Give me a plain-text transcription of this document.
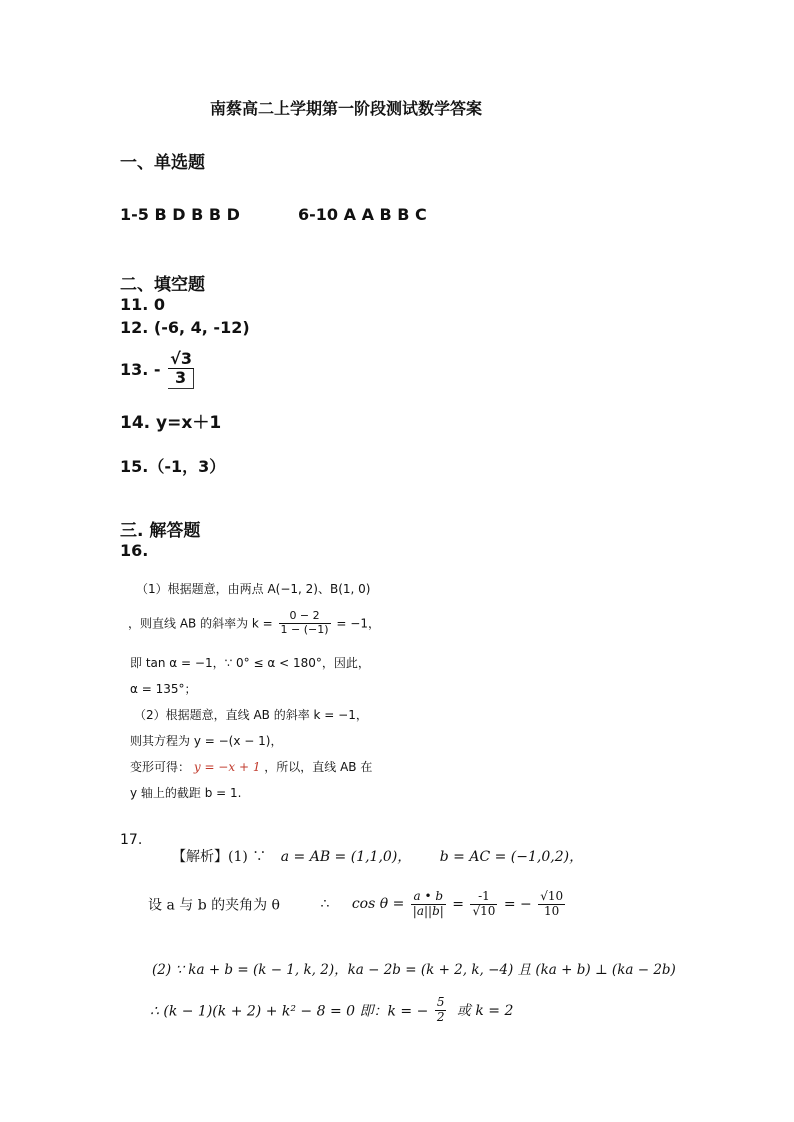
南蔡高二上学期第一阶段测试数学答案
一、单选题
1-5 B D B B D	6-10 A A B B C
二、填空题
11. 0
12. (-6, 4, -12)
13. - $\frac{√3}{3}$
14. y=x＋1
15.（-1，3）
三. 解答题
16.
（1）根据题意，由两点 A(−1, 2)、B(1, 0)
，则直线 AB 的斜率为 $k = \frac{0 - 2}{1 - (-1)} = -1$，
即 tan α = −1，∵ 0° ≤ α < 180°，因此，
α = 135°；
（2）根据题意，直线 AB 的斜率 k = −1，
则其方程为 y = −(x − 1)，
变形可得： y = −x + 1 ，所以，直线 AB 在
y 轴上的截距 b = 1.
17.
【解析】(1) ∵ a = AB = (1,1,0)， b = AC = (−1,0,2)，
设 a 与 b 的夹角为 θ	∴ $\cos \theta = \frac{a • b}{|a||b|} = \frac{-1}{√10}$ = − $\frac{√10}{10}$
(2) ∵ ka + b = (k − 1, k, 2)，ka − 2b = (k + 2, k, −4) 且 (ka + b) ⊥ (ka − 2b)
∴ (k − 1)(k + 2) + k² − 8 = 0 即：k = − $\frac{5}{2}$ 或 k = 2
